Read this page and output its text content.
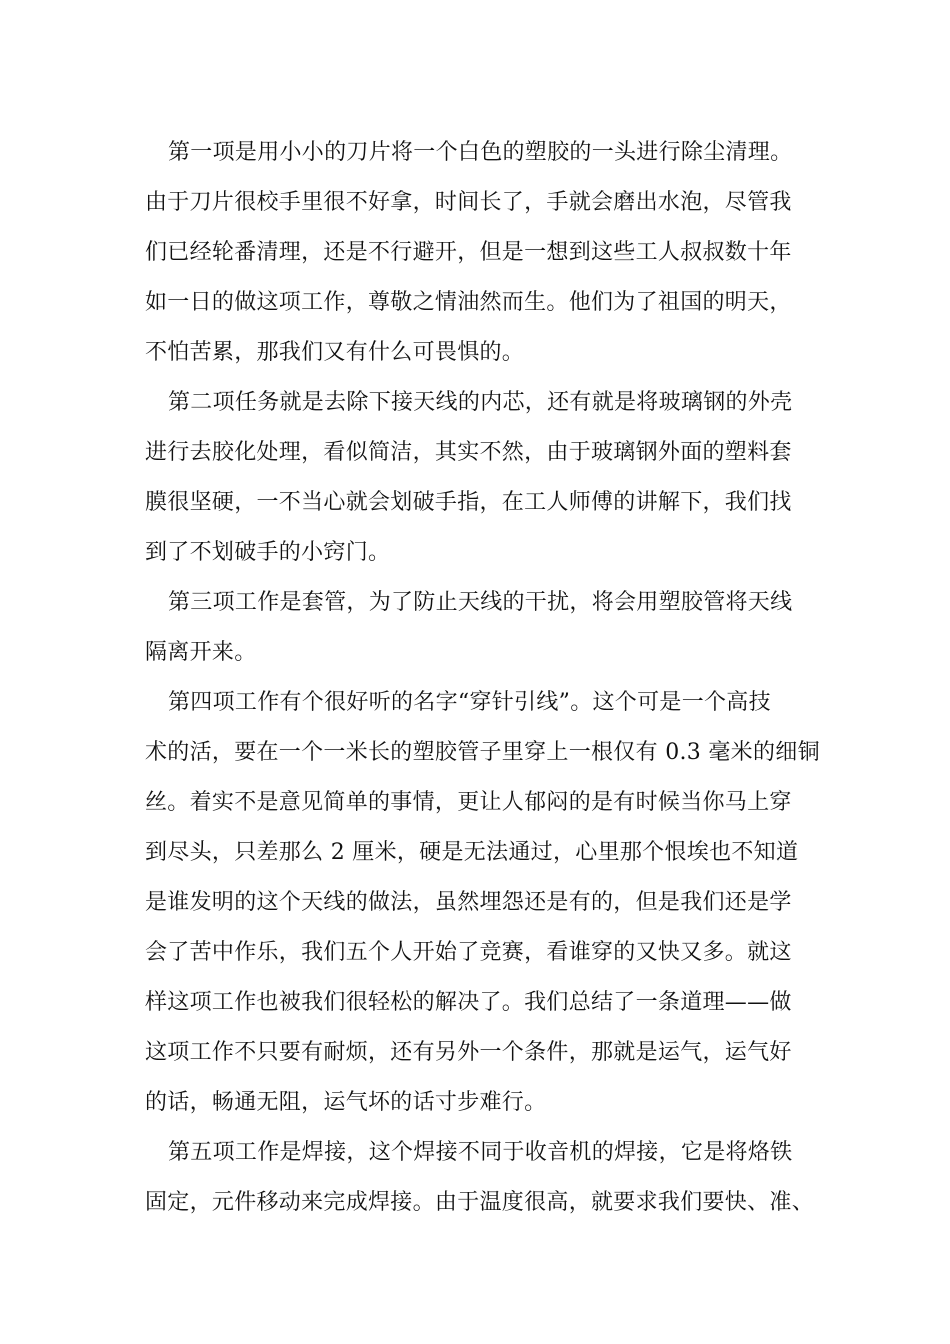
第一项是用小小的刀片将一个白色的塑胶的一头进行除尘清理。
由于刀片很校手里很不好拿，时间长了，手就会磨出水泡，尽管我
们已经轮番清理，还是不行避开，但是一想到这些工人叔叔数十年
如一日的做这项工作，尊敬之情油然而生。他们为了祖国的明天，
不怕苦累，那我们又有什么可畏惧的。
第二项任务就是去除下接天线的内芯，还有就是将玻璃钢的外壳
进行去胶化处理，看似简洁，其实不然，由于玻璃钢外面的塑料套
膜很坚硬，一不当心就会划破手指，在工人师傅的讲解下，我们找
到了不划破手的小窍门。
第三项工作是套管，为了防止天线的干扰，将会用塑胶管将天线
隔离开来。
第四项工作有个很好听的名字“穿针引线”。这个可是一个高技
术的活，要在一个一米长的塑胶管子里穿上一根仅有 0.3 毫米的细铜
丝。着实不是意见简单的事情，更让人郁闷的是有时候当你马上穿
到尽头，只差那么 2 厘米，硬是无法通过，心里那个恨埃也不知道
是谁发明的这个天线的做法，虽然埋怨还是有的，但是我们还是学
会了苦中作乐，我们五个人开始了竞赛，看谁穿的又快又多。就这
样这项工作也被我们很轻松的解决了。我们总结了一条道理——做
这项工作不只要有耐烦，还有另外一个条件，那就是运气，运气好
的话，畅通无阻，运气坏的话寸步难行。
第五项工作是焊接，这个焊接不同于收音机的焊接，它是将烙铁
固定，元件移动来完成焊接。由于温度很高，就要求我们要快、准、
